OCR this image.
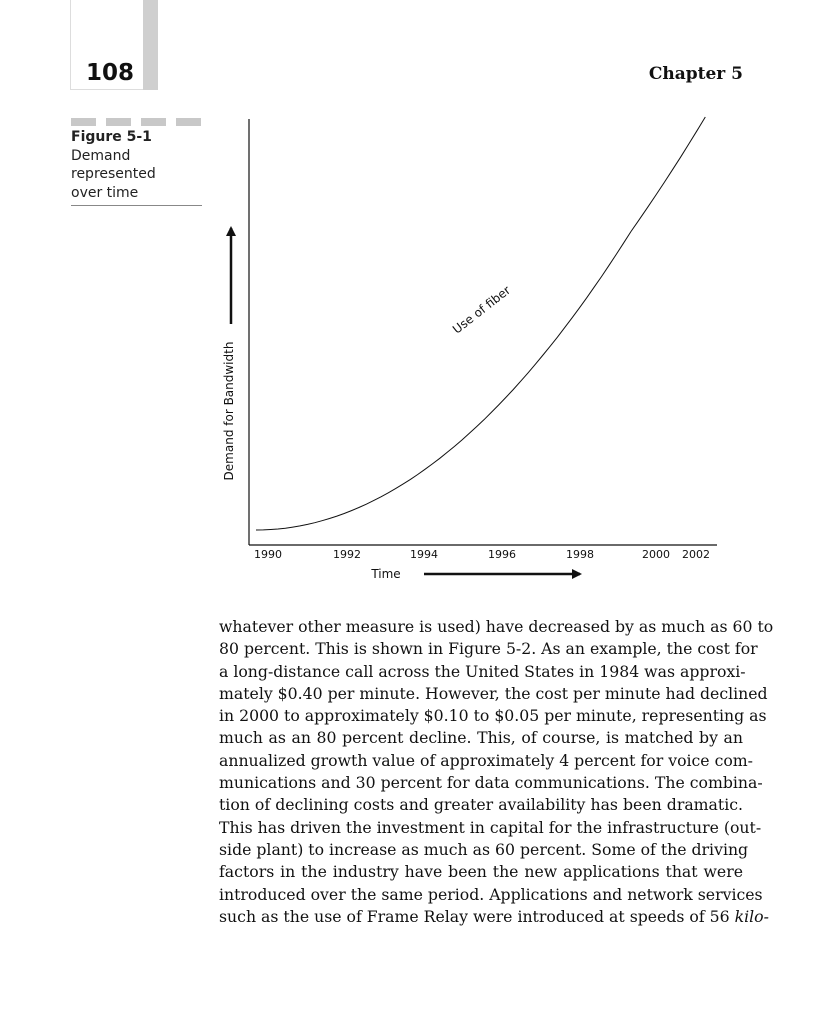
108	Chapter 5
Figure 5-1
Demand
represented
over time
1990	1992	1994	1996	1998	2000 2002
Time
Demand for Bandwidth
Use of fiber
whatever other measure is used) have decreased by as much as 60 to
80 percent. This is shown in Figure 5-2. As an example, the cost for
a long-distance call across the United States in 1984 was approxi-
mately $0.40 per minute. However, the cost per minute had declined
in 2000 to approximately $0.10 to $0.05 per minute, representing as
much as an 80 percent decline. This, of course, is matched by an
annualized growth value of approximately 4 percent for voice com-
munications and 30 percent for data communications. The combina-
tion of declining costs and greater availability has been dramatic.
This has driven the investment in capital for the infrastructure (out-
side plant) to increase as much as 60 percent. Some of the driving
factors in the industry have been the new applications that were
introduced over the same period. Applications and network services
such as the use of Frame Relay were introduced at speeds of 56 kilo-
